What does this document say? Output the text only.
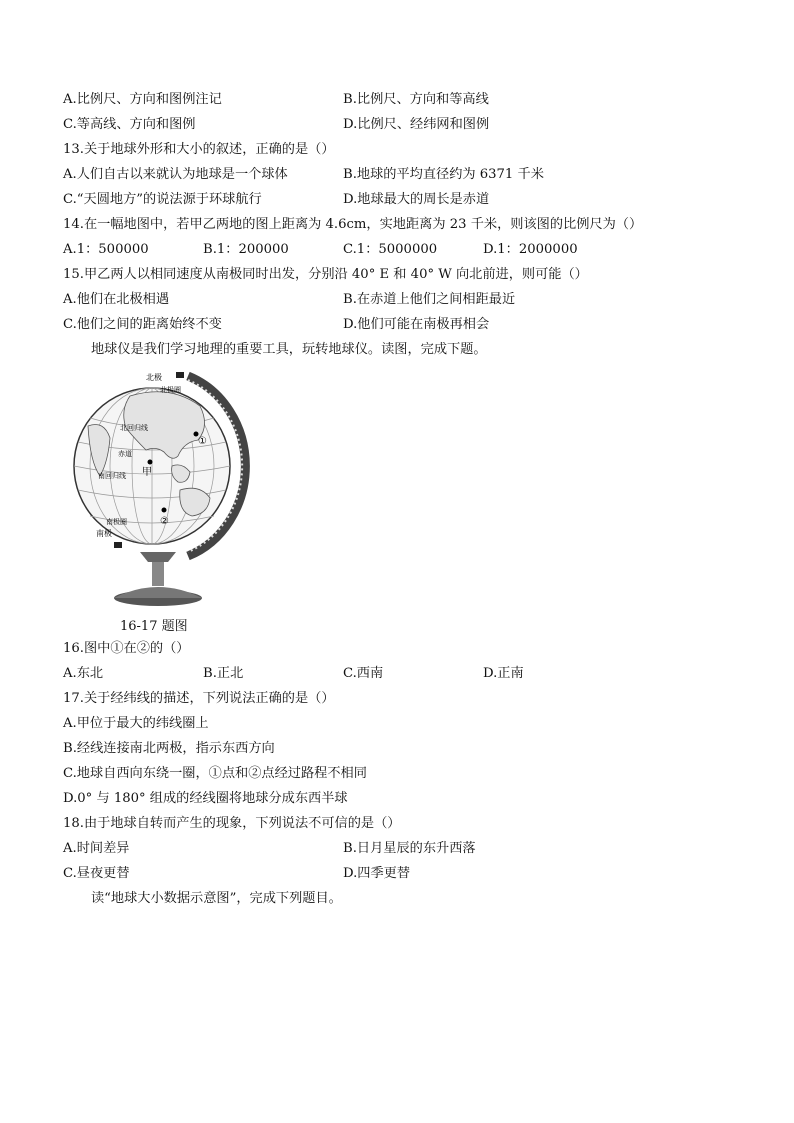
A.比例尺、方向和图例注记	B.比例尺、方向和等高线
C.等高线、方向和图例	D.比例尺、经纬网和图例
13.关于地球外形和大小的叙述，正确的是（）
A.人们自古以来就认为地球是一个球体	B.地球的平均直径约为 6371 千米
C.“天圆地方”的说法源于环球航行	D.地球最大的周长是赤道
14.在一幅地图中，若甲乙两地的图上距离为 4.6cm，实地距离为 23 千米，则该图的比例尺为（）
A.1：500000	B.1：200000	C.1：5000000	D.1：2000000
15.甲乙两人以相同速度从南极同时出发，分别沿 40° E 和 40° W 向北前进，则可能（）
A.他们在北极相遇	B.在赤道上他们之间相距最近
C.他们之间的距离始终不变	D.他们可能在南极再相会
地球仪是我们学习地理的重要工具，玩转地球仪。读图，完成下题。
北极
北极圈
北回归线
赤道
南回归线
南极圈
南极
①
甲
②
16-17 题图
16.图中①在②的（）
A.东北	B.正北	C.西南	D.正南
17.关于经纬线的描述，下列说法正确的是（）
A.甲位于最大的纬线圈上
B.经线连接南北两极，指示东西方向
C.地球自西向东绕一圈，①点和②点经过路程不相同
D.0° 与 180° 组成的经线圈将地球分成东西半球
18.由于地球自转而产生的现象，下列说法不可信的是（）
A.时间差异	B.日月星辰的东升西落
C.昼夜更替	D.四季更替
读“地球大小数据示意图”，完成下列题目。
